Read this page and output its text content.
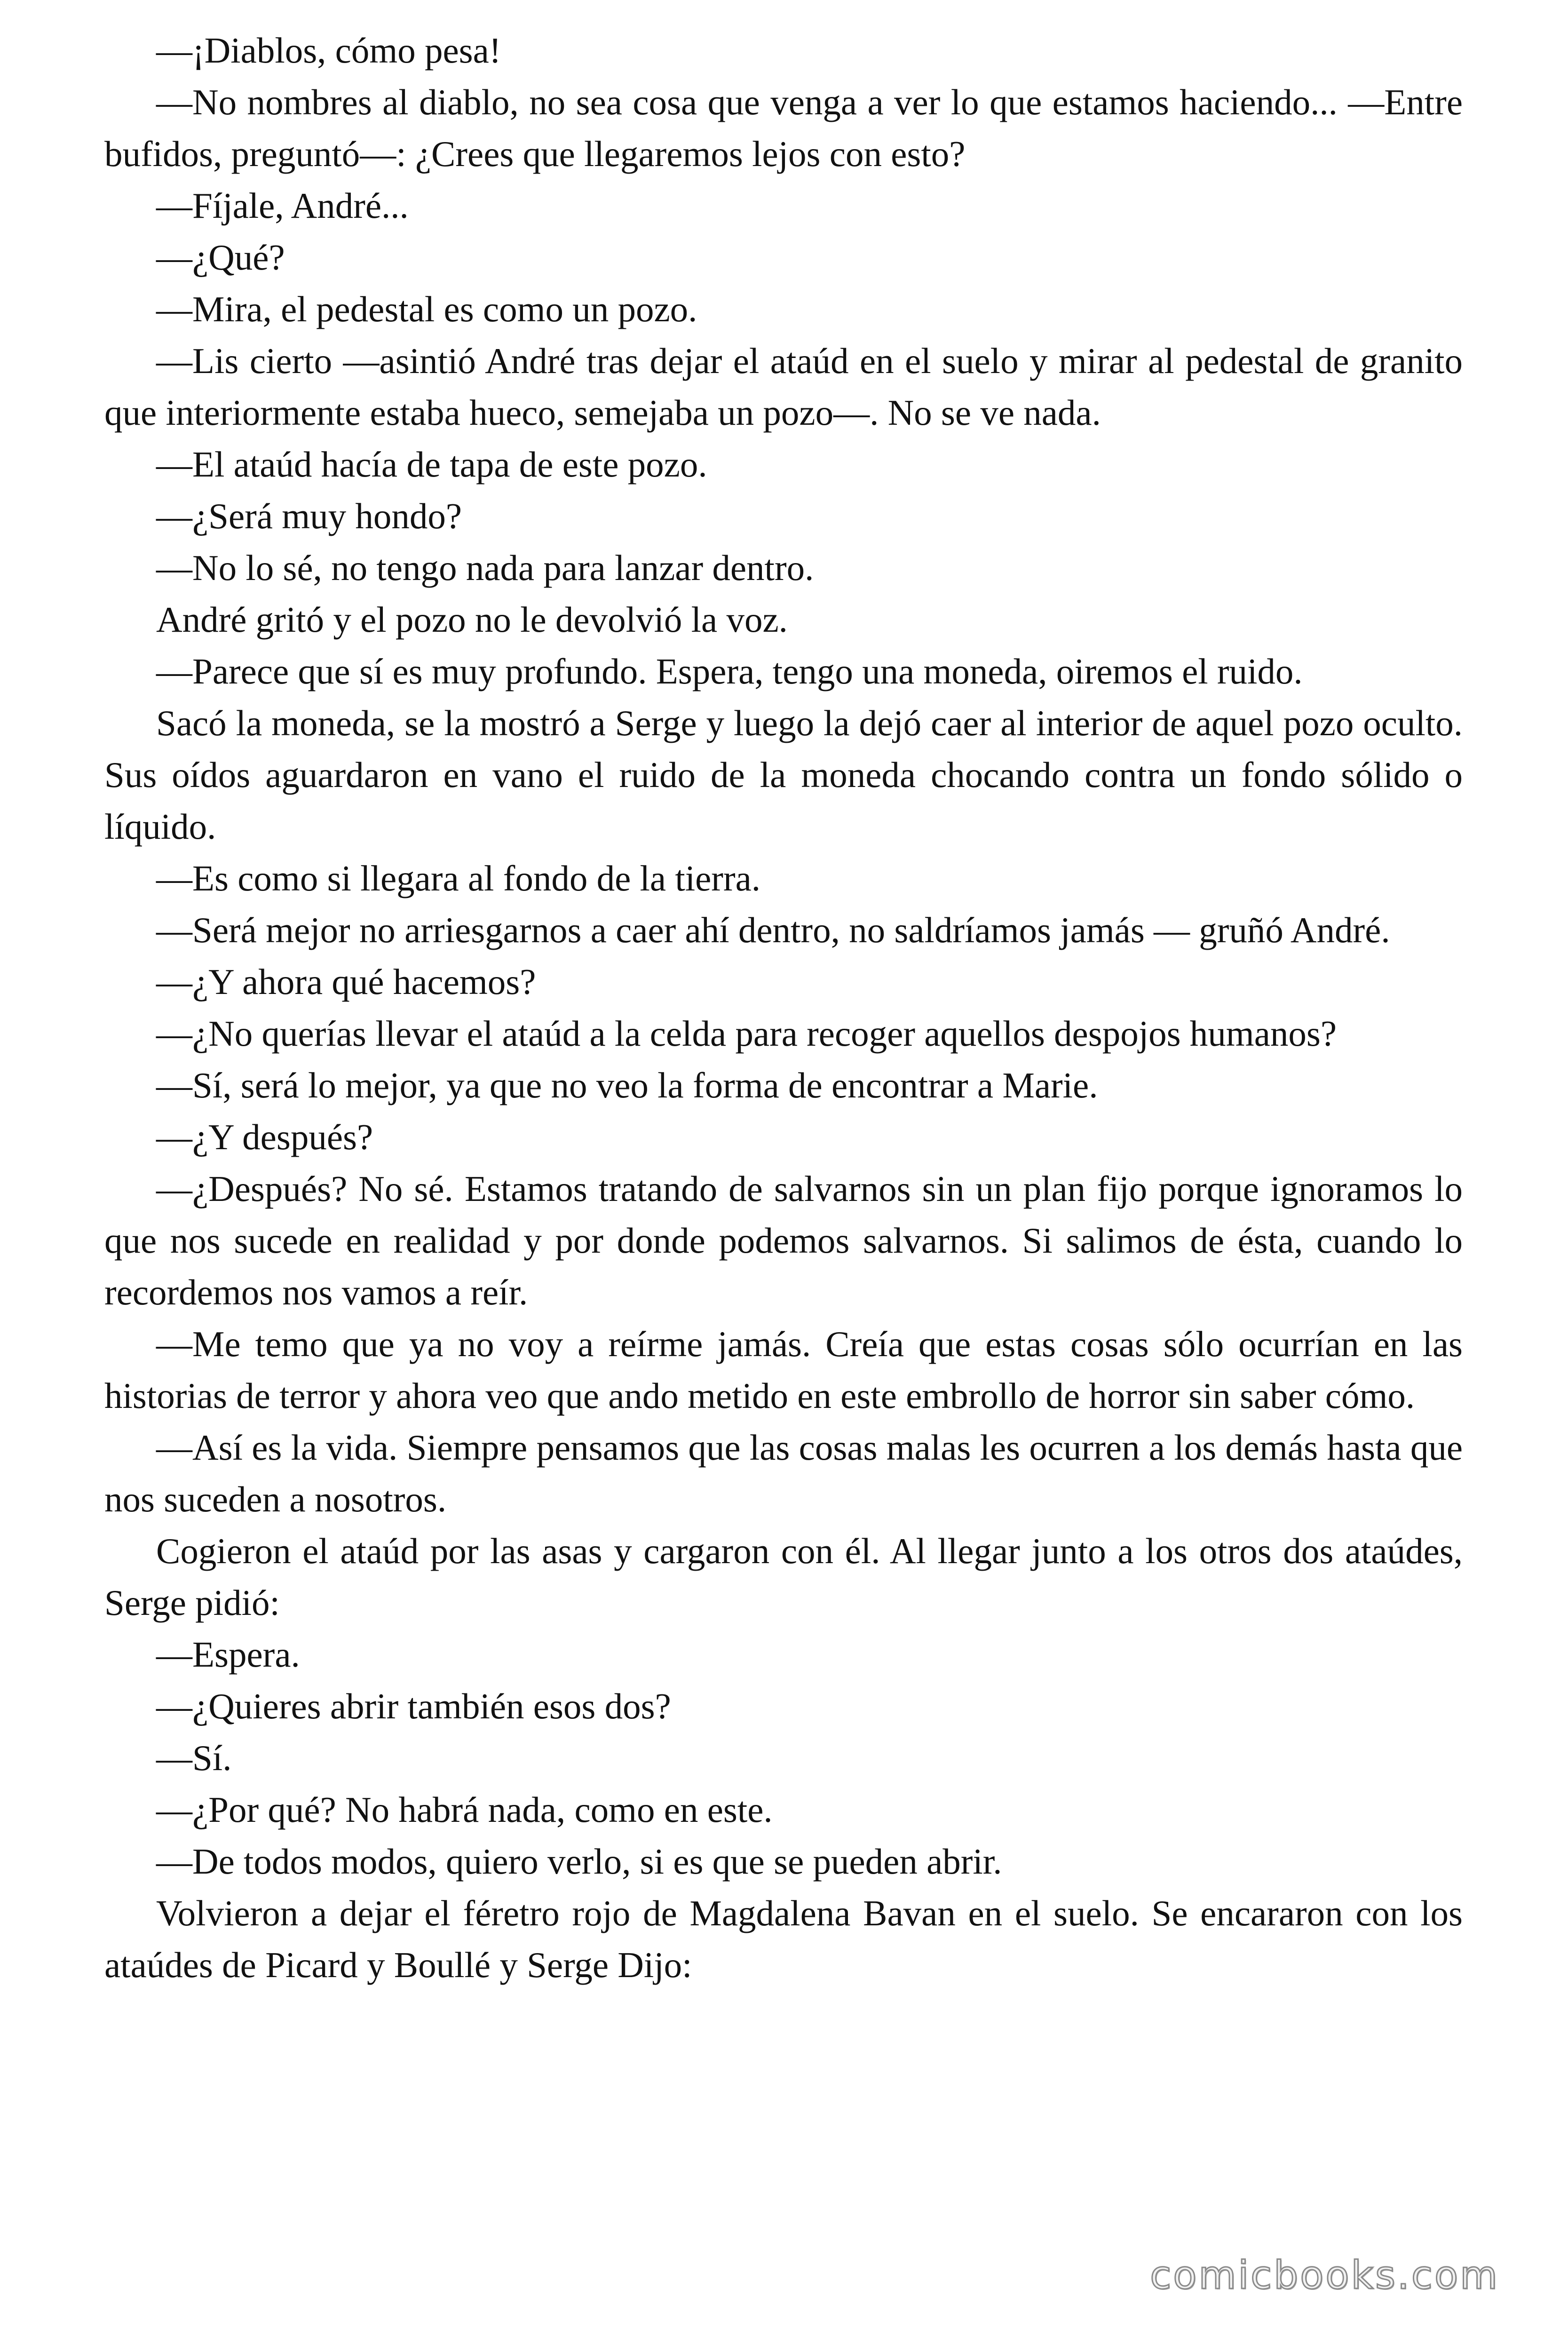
—¡Diablos, cómo pesa!

—No nombres al diablo, no sea cosa que venga a ver lo que estamos haciendo... —Entre bufidos, preguntó—: ¿Crees que llegaremos lejos con esto?

—Fíjale, André...

—¿Qué?

—Mira, el pedestal es como un pozo.

—Lis cierto —asintió André tras dejar el ataúd en el suelo y mirar al pedestal de granito que interiormente estaba hueco, semejaba un pozo—. No se ve nada.

—El ataúd hacía de tapa de este pozo.

—¿Será muy hondo?

—No lo sé, no tengo nada para lanzar dentro.

André gritó y el pozo no le devolvió la voz.

—Parece que sí es muy profundo. Espera, tengo una moneda, oiremos el ruido.

Sacó la moneda, se la mostró a Serge y luego la dejó caer al interior de aquel pozo oculto. Sus oídos aguardaron en vano el ruido de la moneda chocando contra un fondo sólido o líquido.

—Es como si llegara al fondo de la tierra.

—Será mejor no arriesgarnos a caer ahí dentro, no saldríamos jamás — gruñó André.

—¿Y ahora qué hacemos?

—¿No querías llevar el ataúd a la celda para recoger aquellos despojos humanos?

—Sí, será lo mejor, ya que no veo la forma de encontrar a Marie.

—¿Y después?

—¿Después? No sé. Estamos tratando de salvarnos sin un plan fijo porque ignoramos lo que nos sucede en realidad y por donde podemos salvarnos. Si salimos de ésta, cuando lo recordemos nos vamos a reír.

—Me temo que ya no voy a reírme jamás. Creía que estas cosas sólo ocurrían en las historias de terror y ahora veo que ando metido en este embrollo de horror sin saber cómo.

—Así es la vida. Siempre pensamos que las cosas malas les ocurren a los demás hasta que nos suceden a nosotros.

Cogieron el ataúd por las asas y cargaron con él. Al llegar junto a los otros dos ataúdes, Serge pidió:

—Espera.

—¿Quieres abrir también esos dos?

—Sí.

—¿Por qué? No habrá nada, como en este.

—De todos modos, quiero verlo, si es que se pueden abrir.

Volvieron a dejar el féretro rojo de Magdalena Bavan en el suelo. Se encararon con los ataúdes de Picard y Boullé y Serge Dijo:

comicbooks.com
